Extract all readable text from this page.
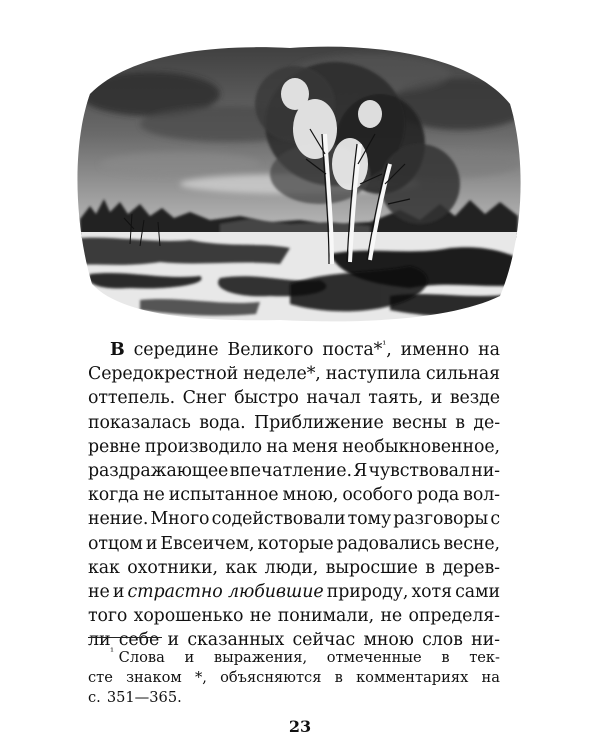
В середине Великого поста*$^{^1}$, именно на
Середокрестной неделе*, наступила сильная
оттепель. Снег быстро начал таять, и везде
показалась вода. Приближение весны в де-
ревне производило на меня необыкновенное,
раздражающее впечатление. Я чувствовал ни-
когда не испытанное мною, особого рода вол-
нение. Много содействовали тому разговоры с
отцом и Евсеичем, которые радовались весне,
как охотники, как люди, выросшие в дерев-
не и страстно любившие природу, хотя сами
того хорошенько не понимали, не определя-
ли себе и сказанных сейчас мною слов ни-
$^{^1}$ Слова и выражения, отмеченные в тек-
сте знаком *, объясняются в комментариях на
с. 351—365.
23
